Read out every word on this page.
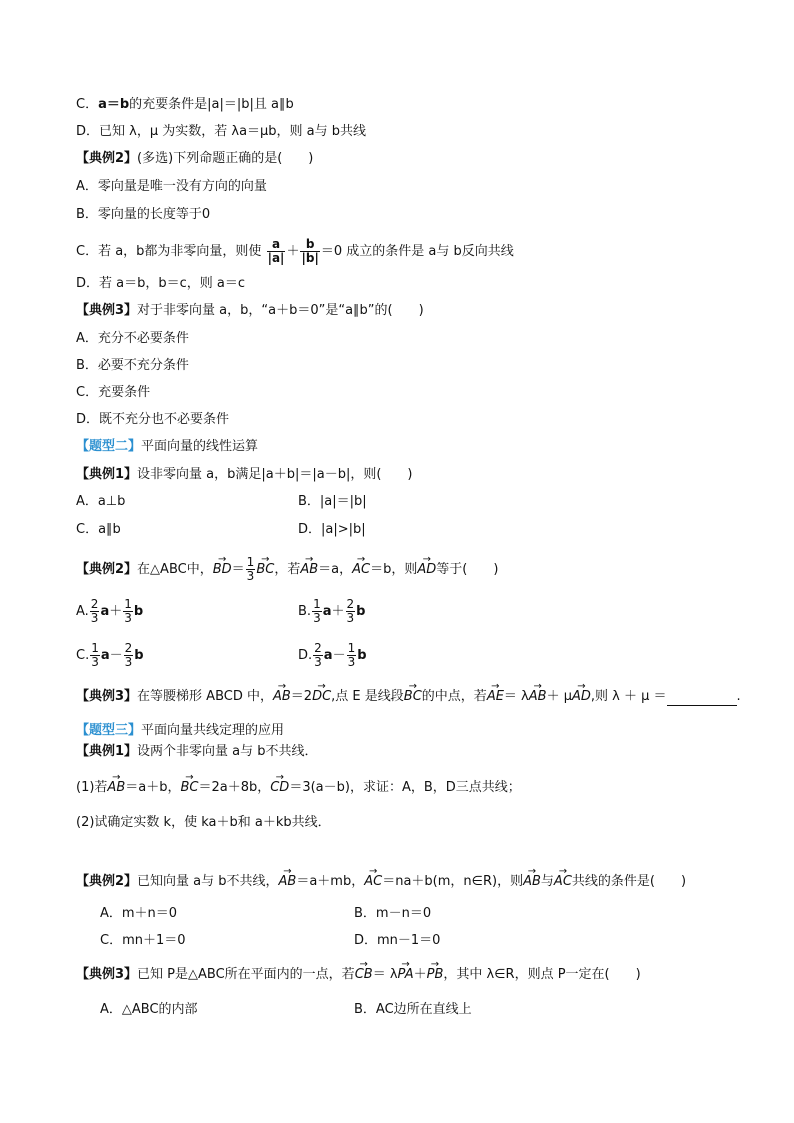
C．a＝b的充要条件是|a|＝|b|且 a∥b
D．已知 λ，μ 为实数，若 λa＝μb，则 a与 b共线
【典例2】(多选)下列命题正确的是(　　)
A．零向量是唯一没有方向的向量
B．零向量的长度等于0
C．若 a，b都为非零向量，则使 $\frac{a}{|a|} + \frac{b}{|b|} =0$ 成立的条件是 a与 b反向共线
D．若 a＝b，b＝c，则 a＝c
【典例3】对于非零向量 a，b，“a＋b＝0”是“a∥b”的(　　)
A．充分不必要条件
B．必要不充分条件
C．充要条件
D．既不充分也不必要条件
【题型二】平面向量的线性运算
【典例1】设非零向量 a，b满足|a＋b|＝|a－b|，则(　　)
A．a⊥b	B．|a|＝|b|
C．a∥b	D．|a|>|b|
【典例2】在△ABC中，→ $BD= \frac{1}{3}$
→ BC，若→ AB＝a，→ AC＝b，则→ AD等于(　　)
A. $\frac{2}{3} a+ \frac{1}{3}$ b	B. $\frac{1}{3} a+ \frac{2}{3}$ b
C. $\frac{1}{3} a- \frac{2}{3}$ b	D. $\frac{2}{3} a- \frac{1}{3}$ b
【典例3】在等腰梯形 ABCD 中，→ AB＝2→ DC,点 E 是线段→ BC的中点，若→ AE＝ λ→ AB＋ μ→ AD,则 λ ＋ μ ＝	.
【题型三】平面向量共线定理的应用
【典例1】设两个非零向量 a与 b不共线．
(1)若→ AB＝a＋b，→ BC＝2a＋8b，→ CD＝3(a－b)，求证：A，B，D三点共线；
(2)试确定实数 k，使 ka＋b和 a＋kb共线．
【典例2】已知向量 a与 b不共线，→ AB＝a＋mb，→ AC＝na＋b(m，n∈R)，则→ AB与→ AC共线的条件是(　　)
A．m＋n＝0	B．m－n＝0
C．mn＋1＝0	D．mn－1＝0
【典例3】已知 P是△ABC所在平面内的一点，若→ CB＝ λ→ PA＋→ PB，其中 λ∈R，则点 P一定在(　　)
A．△ABC的内部	B．AC边所在直线上
